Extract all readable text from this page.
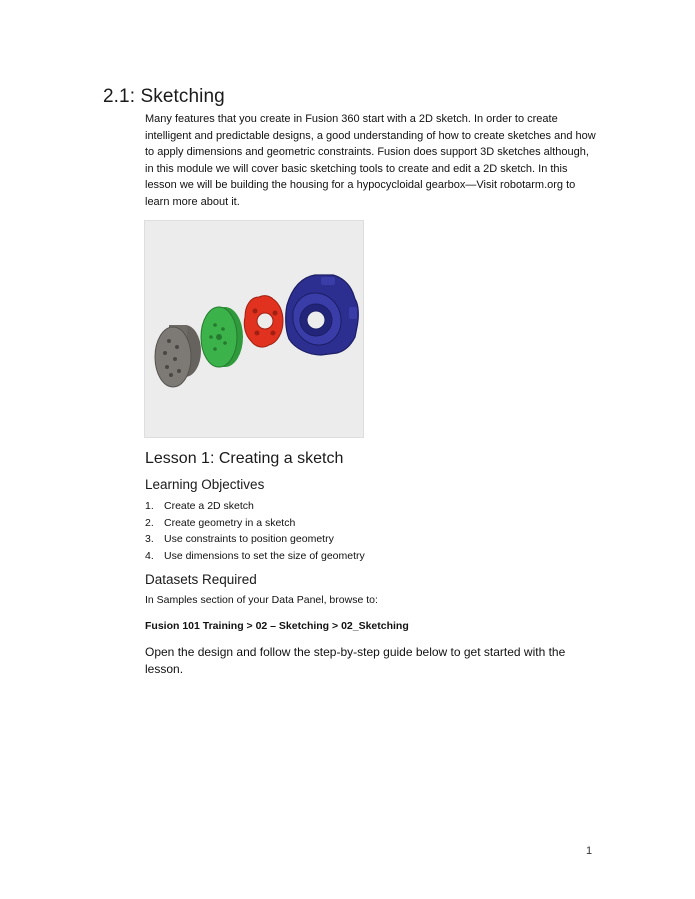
2.1: Sketching
Many features that you create in Fusion 360 start with a 2D sketch. In order to create intelligent and predictable designs, a good understanding of how to create sketches and how to apply dimensions and geometric constraints. Fusion does support 3D sketches although, in this module we will cover basic sketching tools to create and edit a 2D sketch. In this lesson we will be building the housing for a hypocycloidal gearbox—Visit robotarm.org to learn more about it.
Lesson 1: Creating a sketch
Learning Objectives
1. Create a 2D sketch
2. Create geometry in a sketch
3. Use constraints to position geometry
4. Use dimensions to set the size of geometry
Datasets Required
In Samples section of your Data Panel, browse to:
Fusion 101 Training > 02 – Sketching > 02_Sketching
Open the design and follow the step-by-step guide below to get started with the lesson.
1
